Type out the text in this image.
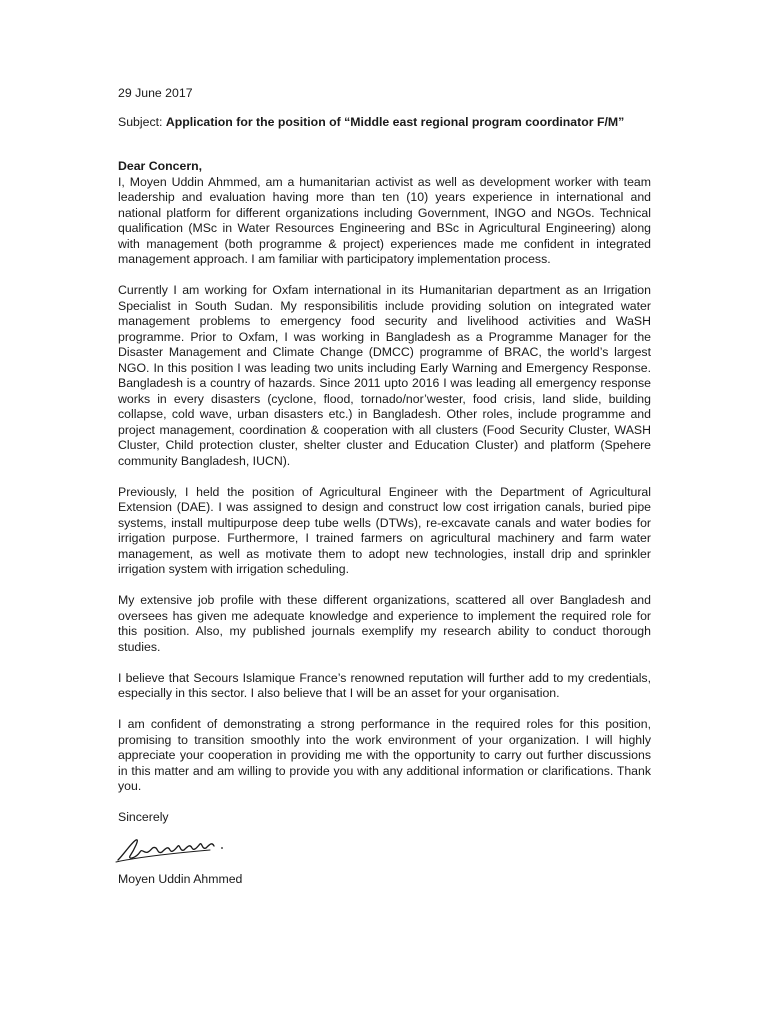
29 June 2017

Subject: Application for the position of “Middle east regional program coordinator F/M”

Dear Concern,

I, Moyen Uddin Ahmmed, am a humanitarian activist as well as development worker with team leadership and evaluation having more than ten (10) years experience in international and national platform for different organizations including Government, INGO and NGOs. Technical qualification (MSc in Water Resources Engineering and BSc in Agricultural Engineering) along with management (both programme & project) experiences made me confident in integrated management approach. I am familiar with participatory implementation process.

Currently I am working for Oxfam international in its Humanitarian department as an Irrigation Specialist in South Sudan. My responsibilitis include providing solution on integrated water management problems to emergency food security and livelihood activities and WaSH programme. Prior to Oxfam, I was working in Bangladesh as a Programme Manager for the Disaster Management and Climate Change (DMCC) programme of BRAC, the world’s largest NGO. In this position I was leading two units including Early Warning and Emergency Response. Bangladesh is a country of hazards. Since 2011 upto 2016 I was leading all emergency response works in every disasters (cyclone, flood, tornado/nor’wester, food crisis, land slide, building collapse, cold wave, urban disasters etc.) in Bangladesh. Other roles, include programme and project management, coordination & cooperation with all clusters (Food Security Cluster, WASH Cluster, Child protection cluster, shelter cluster and Education Cluster) and platform (Spehere community Bangladesh, IUCN).

Previously, I held the position of Agricultural Engineer with the Department of Agricultural Extension (DAE). I was assigned to design and construct low cost irrigation canals, buried pipe systems, install multipurpose deep tube wells (DTWs), re-excavate canals and water bodies for irrigation purpose. Furthermore, I trained farmers on agricultural machinery and farm water management, as well as motivate them to adopt new technologies, install drip and sprinkler irrigation system with irrigation scheduling.

My extensive job profile with these different organizations, scattered all over Bangladesh and oversees has given me adequate knowledge and experience to implement the required role for this position. Also, my published journals exemplify my research ability to conduct thorough studies.

I believe that Secours Islamique France’s renowned reputation will further add to my credentials, especially in this sector. I also believe that I will be an asset for your organisation.

I am confident of demonstrating a strong performance in the required roles for this position, promising to transition smoothly into the work environment of your organization. I will highly appreciate your cooperation in providing me with the opportunity to carry out further discussions in this matter and am willing to provide you with any additional information or clarifications. Thank you.

Sincerely

Moyen Uddin Ahmmed
